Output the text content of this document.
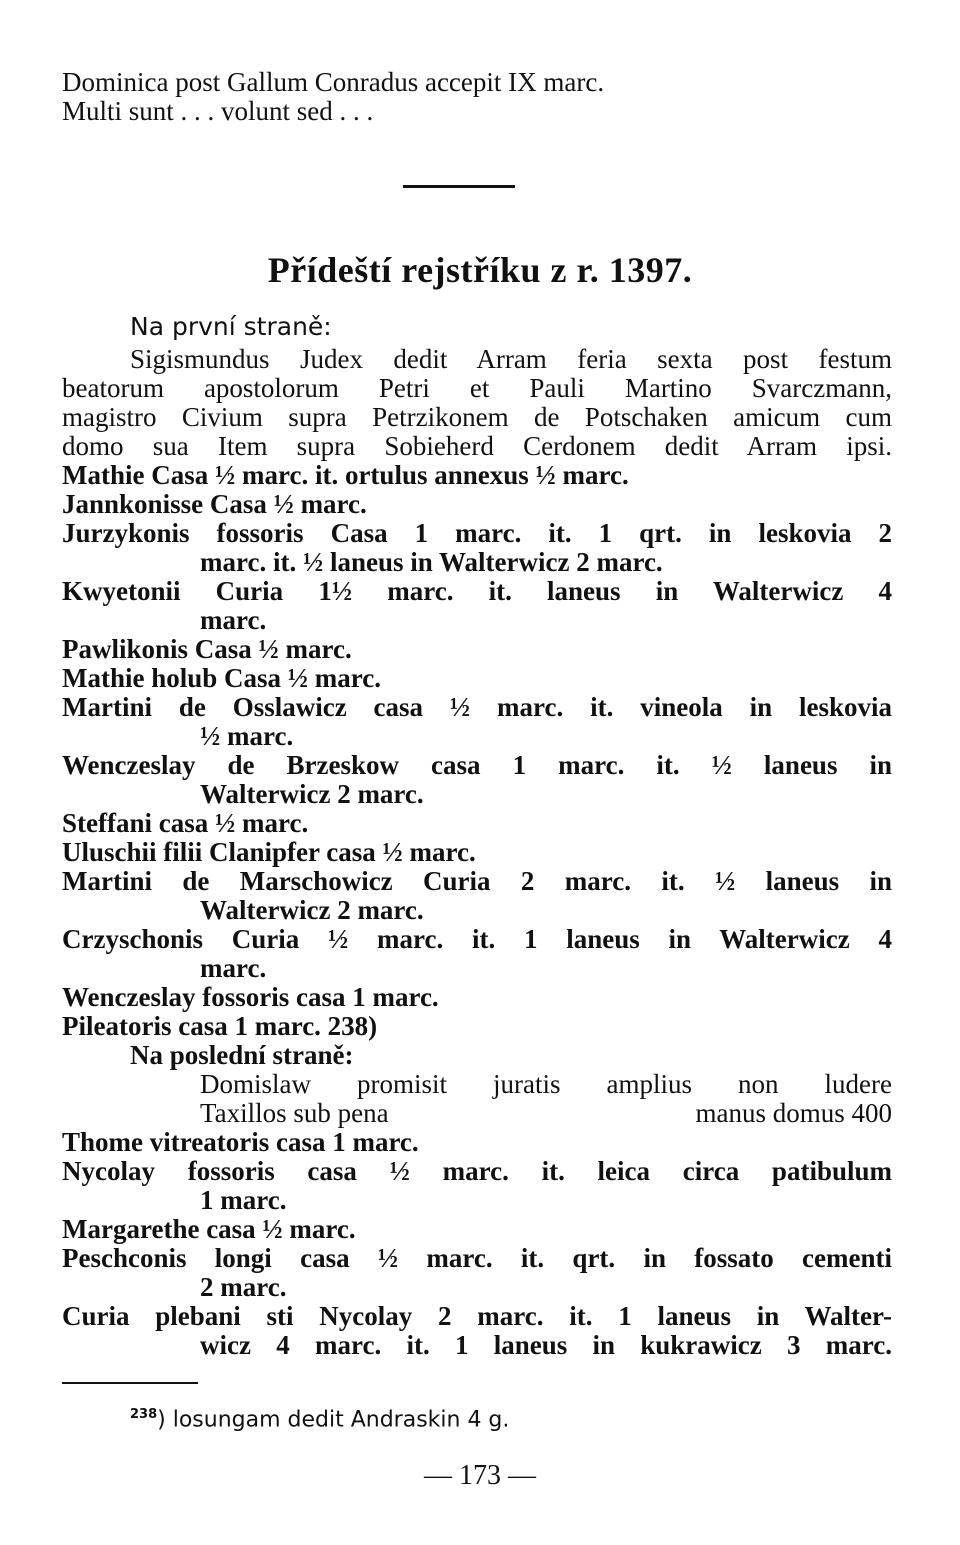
Dominica post Gallum Conradus accepit IX marc.
Multi sunt . . . volunt sed . . .
Přídeští rejstříku z r. 1397.
Na první straně:
Sigismundus Judex dedit Arram feria sexta post festum
beatorum apostolorum Petri et Pauli Martino Svarczmann,
magistro Civium supra Petrzikonem de Potschaken amicum cum
domo sua Item supra Sobieherd Cerdonem dedit Arram ipsi.
Mathie Casa ½ marc. it. ortulus annexus ½ marc.
Jannkonisse Casa ½ marc.
Jurzykonis fossoris Casa 1 marc. it. 1 qrt. in leskovia 2
marc. it. ½ laneus in Walterwicz 2 marc.
Kwyetonii Curia 1½ marc. it. laneus in Walterwicz 4
marc.
Pawlikonis Casa ½ marc.
Mathie holub Casa ½ marc.
Martini de Osslawicz casa ½ marc. it. vineola in leskovia
½ marc.
Wenczeslay de Brzeskow casa 1 marc. it. ½ laneus in
Walterwicz 2 marc.
Steffani casa ½ marc.
Uluschii filii Clanipfer casa ½ marc.
Martini de Marschowicz Curia 2 marc. it. ½ laneus in
Walterwicz 2 marc.
Crzyschonis Curia ½ marc. it. 1 laneus in Walterwicz 4
marc.
Wenczeslay fossoris casa 1 marc.
Pileatoris casa 1 marc. 238)
Na poslední straně:
Domislaw promisit juratis amplius non ludere
Taxillos sub pena	manus domus 400
Thome vitreatoris casa 1 marc.
Nycolay fossoris casa ½ marc. it. leica circa patibulum
1 marc.
Margarethe casa ½ marc.
Peschconis longi casa ½ marc. it. qrt. in fossato cementi
2 marc.
Curia plebani sti Nycolay 2 marc. it. 1 laneus in Walter-
wicz 4 marc. it. 1 laneus in kukrawicz 3 marc.
$^{238}$) losungam dedit Andraskin 4 g.
— 173 —
